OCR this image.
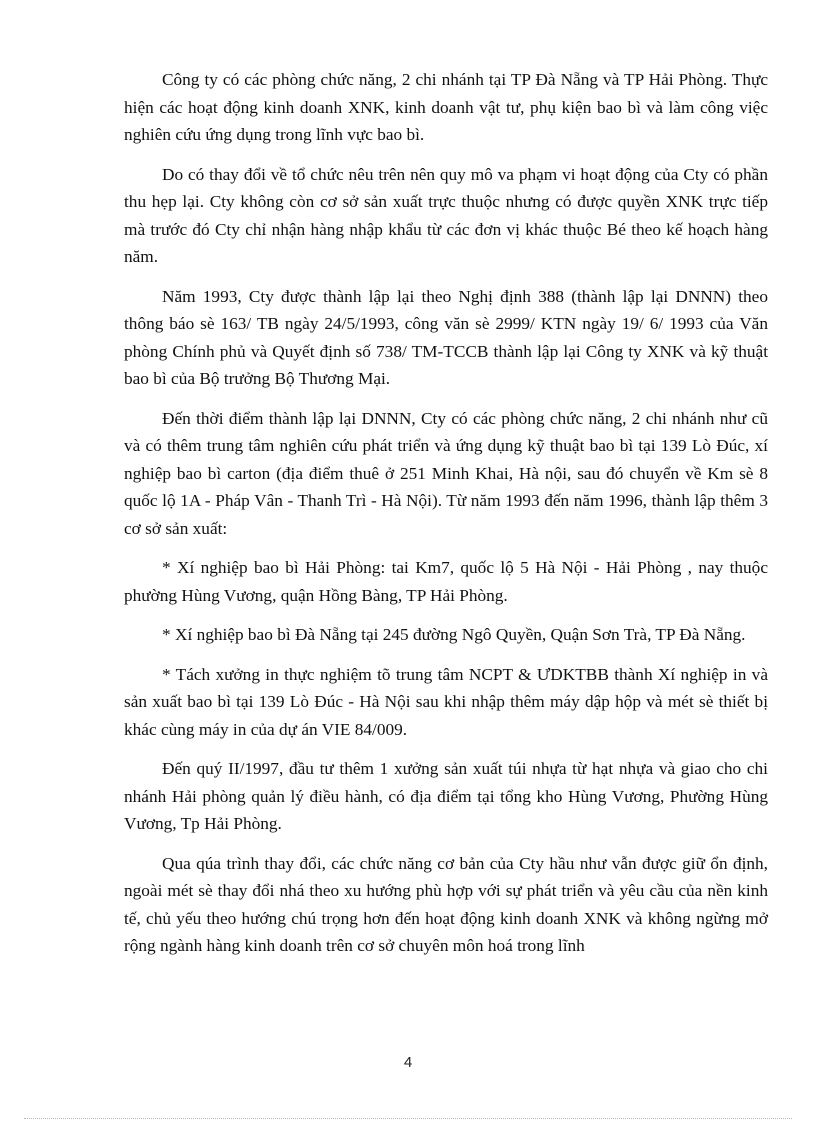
Công ty có các phòng chức năng, 2 chi nhánh tại TP Đà Nẵng và TP Hải Phòng. Thực hiện các hoạt động kinh doanh XNK, kinh doanh vật tư, phụ kiện bao bì và làm công việc nghiên cứu ứng dụng trong lĩnh vực bao bì.

Do có thay đổi về tổ chức nêu trên nên quy mô va phạm vi hoạt động của Cty có phần thu hẹp lại. Cty không còn cơ sở sản xuất trực thuộc nhưng có được quyền XNK trực tiếp mà trước đó Cty chỉ nhận hàng nhập khẩu từ các đơn vị khác thuộc Bé theo kế hoạch hàng năm.

Năm 1993, Cty được thành lập lại theo Nghị định 388 (thành lập lại DNNN) theo thông báo sè 163/ TB ngày 24/5/1993, công văn sè 2999/ KTN ngày 19/ 6/ 1993 của Văn phòng Chính phủ và Quyết định số 738/ TM-TCCB thành lập lại Công ty XNK và kỹ thuật bao bì của Bộ trưởng Bộ Thương Mại.

Đến thời điểm thành lập lại DNNN, Cty có các phòng chức năng, 2 chi nhánh như cũ và có thêm trung tâm nghiên cứu phát triển và ứng dụng kỹ thuật bao bì tại 139 Lò Đúc, xí nghiệp bao bì carton (địa điểm thuê ở 251 Minh Khai, Hà nội, sau đó chuyển về Km sè 8 quốc lộ 1A - Pháp Vân - Thanh Trì - Hà Nội). Từ năm 1993 đến năm 1996, thành lập thêm 3 cơ sở sản xuất:

* Xí nghiệp bao bì Hải Phòng: tai Km7, quốc lộ 5 Hà Nội - Hải Phòng , nay thuộc phường Hùng Vương, quận Hồng Bàng, TP Hải Phòng.

* Xí nghiệp bao bì Đà Nẵng tại 245 đường Ngô Quyền, Quận Sơn Trà, TP Đà Nẵng.

* Tách xưởng in thực nghiệm tõ trung tâm NCPT & ƯDKTBB thành Xí nghiệp in và sản xuất bao bì tại 139 Lò Đúc - Hà Nội sau khi nhập thêm máy dập hộp và mét sè thiết bị khác cùng máy in của dự án VIE 84/009.

Đến quý II/1997, đầu tư thêm 1 xưởng sản xuất túi nhựa từ hạt nhựa và giao cho chi nhánh Hải phòng quản lý điều hành, có địa điểm tại tổng kho Hùng Vương, Phường Hùng Vương, Tp Hải Phòng.

Qua qúa trình thay đổi, các chức năng cơ bản của Cty hầu như vẫn được giữ ổn định, ngoài mét sè thay đổi nhá theo xu hướng phù hợp với sự phát triển và yêu cầu của nền kinh tế, chủ yếu theo hướng chú trọng hơn đến hoạt động kinh doanh XNK và không ngừng mở rộng ngành hàng kinh doanh trên cơ sở chuyên môn hoá trong lĩnh

4
